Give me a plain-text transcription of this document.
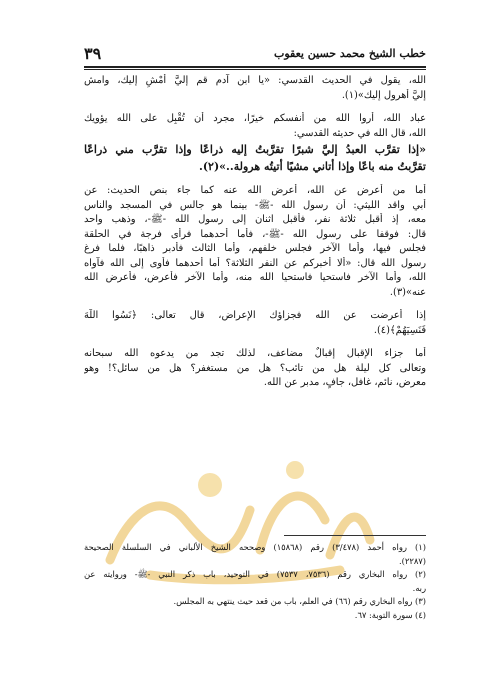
خطب الشيخ محمد حسين يعقوب
٣٩
الله، يقول في الحديث القدسي: «يا ابن آدم قم إليَّ أمْشِ إليك، وامش
إليَّ أُهرول إليك»(١).
عباد الله، أروا الله من أنفسكم خيرًا، مجرد أن تُقْبِل على الله يؤويك
الله، قال الله في حديثه القدسي:
«إذا تقرَّب العبدُ إليَّ شبرًا تقرَّبتُ إليه ذراعًا وإذا تقرَّب مني ذراعًا
تقرَّبتُ منه باعًا وإذا أتاني مشيًا أتيتُه هرولة..»(٢).
أما من أعرض عن الله، أعرض الله عنه كما جاء بنص الحديث: عن
أبي واقد الليثي: أن رسول الله -ﷺ- بينما هو جالس في المسجد والناس
معه، إذ أقبل ثلاثة نفر، فأقبل اثنان إلى رسول الله -ﷺ-، وذهب واحد
قال: فوقفا على رسول الله -ﷺ-، فأما أحدهما فرأى فرجة في الحلقة
فجلس فيها، وأما الآخر فجلس خلفهم، وأما الثالث فأدبر ذاهبًا، فلما فرغ
رسول الله قال: «ألا أخبركم عن النفر الثلاثة؟ أما أحدهما فأوى إلى الله فآواه
الله، وأما الآخر فاستحيا فاستحيا الله منه، وأما الآخر فأعرض، فأعرض الله
عنه»(٣).
إذا أعرضت عن الله فجزاؤك الإعراض، قال تعالى: ﴿نَسُوا اللَّهَ
فَنَسِيَهُمْ﴾(٤).
أما جزاء الإقبال إقبالٌ مضاعف، لذلك تجد من يدعوه الله سبحانه
وتعالى كل ليلة هل من تائب؟ هل من مستغفر؟ هل من سائل؟! وهو
معرض، نائم، غافل، جافٍ، مدبر عن الله.
(١) رواه أحمد (٣/٤٧٨) رقم (١٥٨٦٨) وصححه الشيخ الألباني في السلسلة الصحيحة
(٢٢٨٧).
(٢) رواه البخاري رقم (٧٥٣٦، ٧٥٣٧) في التوحيد، باب ذكر النبي -ﷺ- وروايته عن
ربه.
(٣) رواه البخاري رقم (٦٦) في العلم، باب من قعد حيث ينتهي به المجلس.
(٤) سورة التوبة: ٦٧.
